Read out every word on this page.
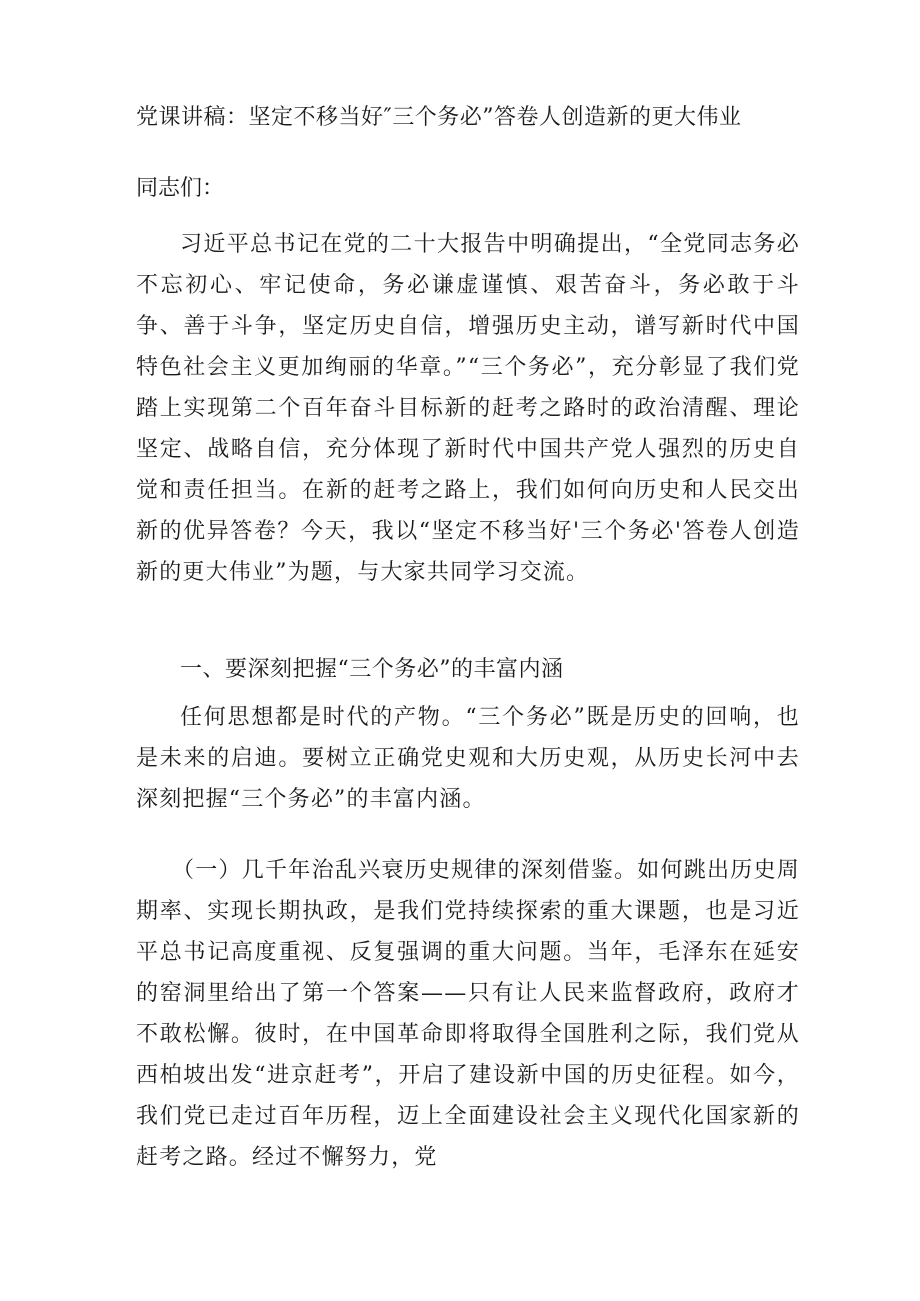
党课讲稿：坚定不移当好″三个务必”答卷人创造新的更大伟业

同志们：

习近平总书记在党的二十大报告中明确提出，“全党同志务必不忘初心、牢记使命，务必谦虚谨慎、艰苦奋斗，务必敢于斗争、善于斗争，坚定历史自信，增强历史主动，谱写新时代中国特色社会主义更加绚丽的华章。”“三个务必”，充分彰显了我们党踏上实现第二个百年奋斗目标新的赶考之路时的政治清醒、理论坚定、战略自信，充分体现了新时代中国共产党人强烈的历史自觉和责任担当。在新的赶考之路上，我们如何向历史和人民交出新的优异答卷？今天，我以“坚定不移当好'三个务必'答卷人创造新的更大伟业”为题，与大家共同学习交流。

一、要深刻把握“三个务必”的丰富内涵

任何思想都是时代的产物。“三个务必”既是历史的回响，也是未来的启迪。要树立正确党史观和大历史观，从历史长河中去深刻把握“三个务必”的丰富内涵。

（一）几千年治乱兴衰历史规律的深刻借鉴。如何跳出历史周期率、实现长期执政，是我们党持续探索的重大课题，也是习近平总书记高度重视、反复强调的重大问题。当年，毛泽东在延安的窑洞里给出了第一个答案——只有让人民来监督政府，政府才不敢松懈。彼时，在中国革命即将取得全国胜利之际，我们党从西柏坡出发“进京赶考”，开启了建设新中国的历史征程。如今，我们党已走过百年历程，迈上全面建设社会主义现代化国家新的赶考之路。经过不懈努力，党
